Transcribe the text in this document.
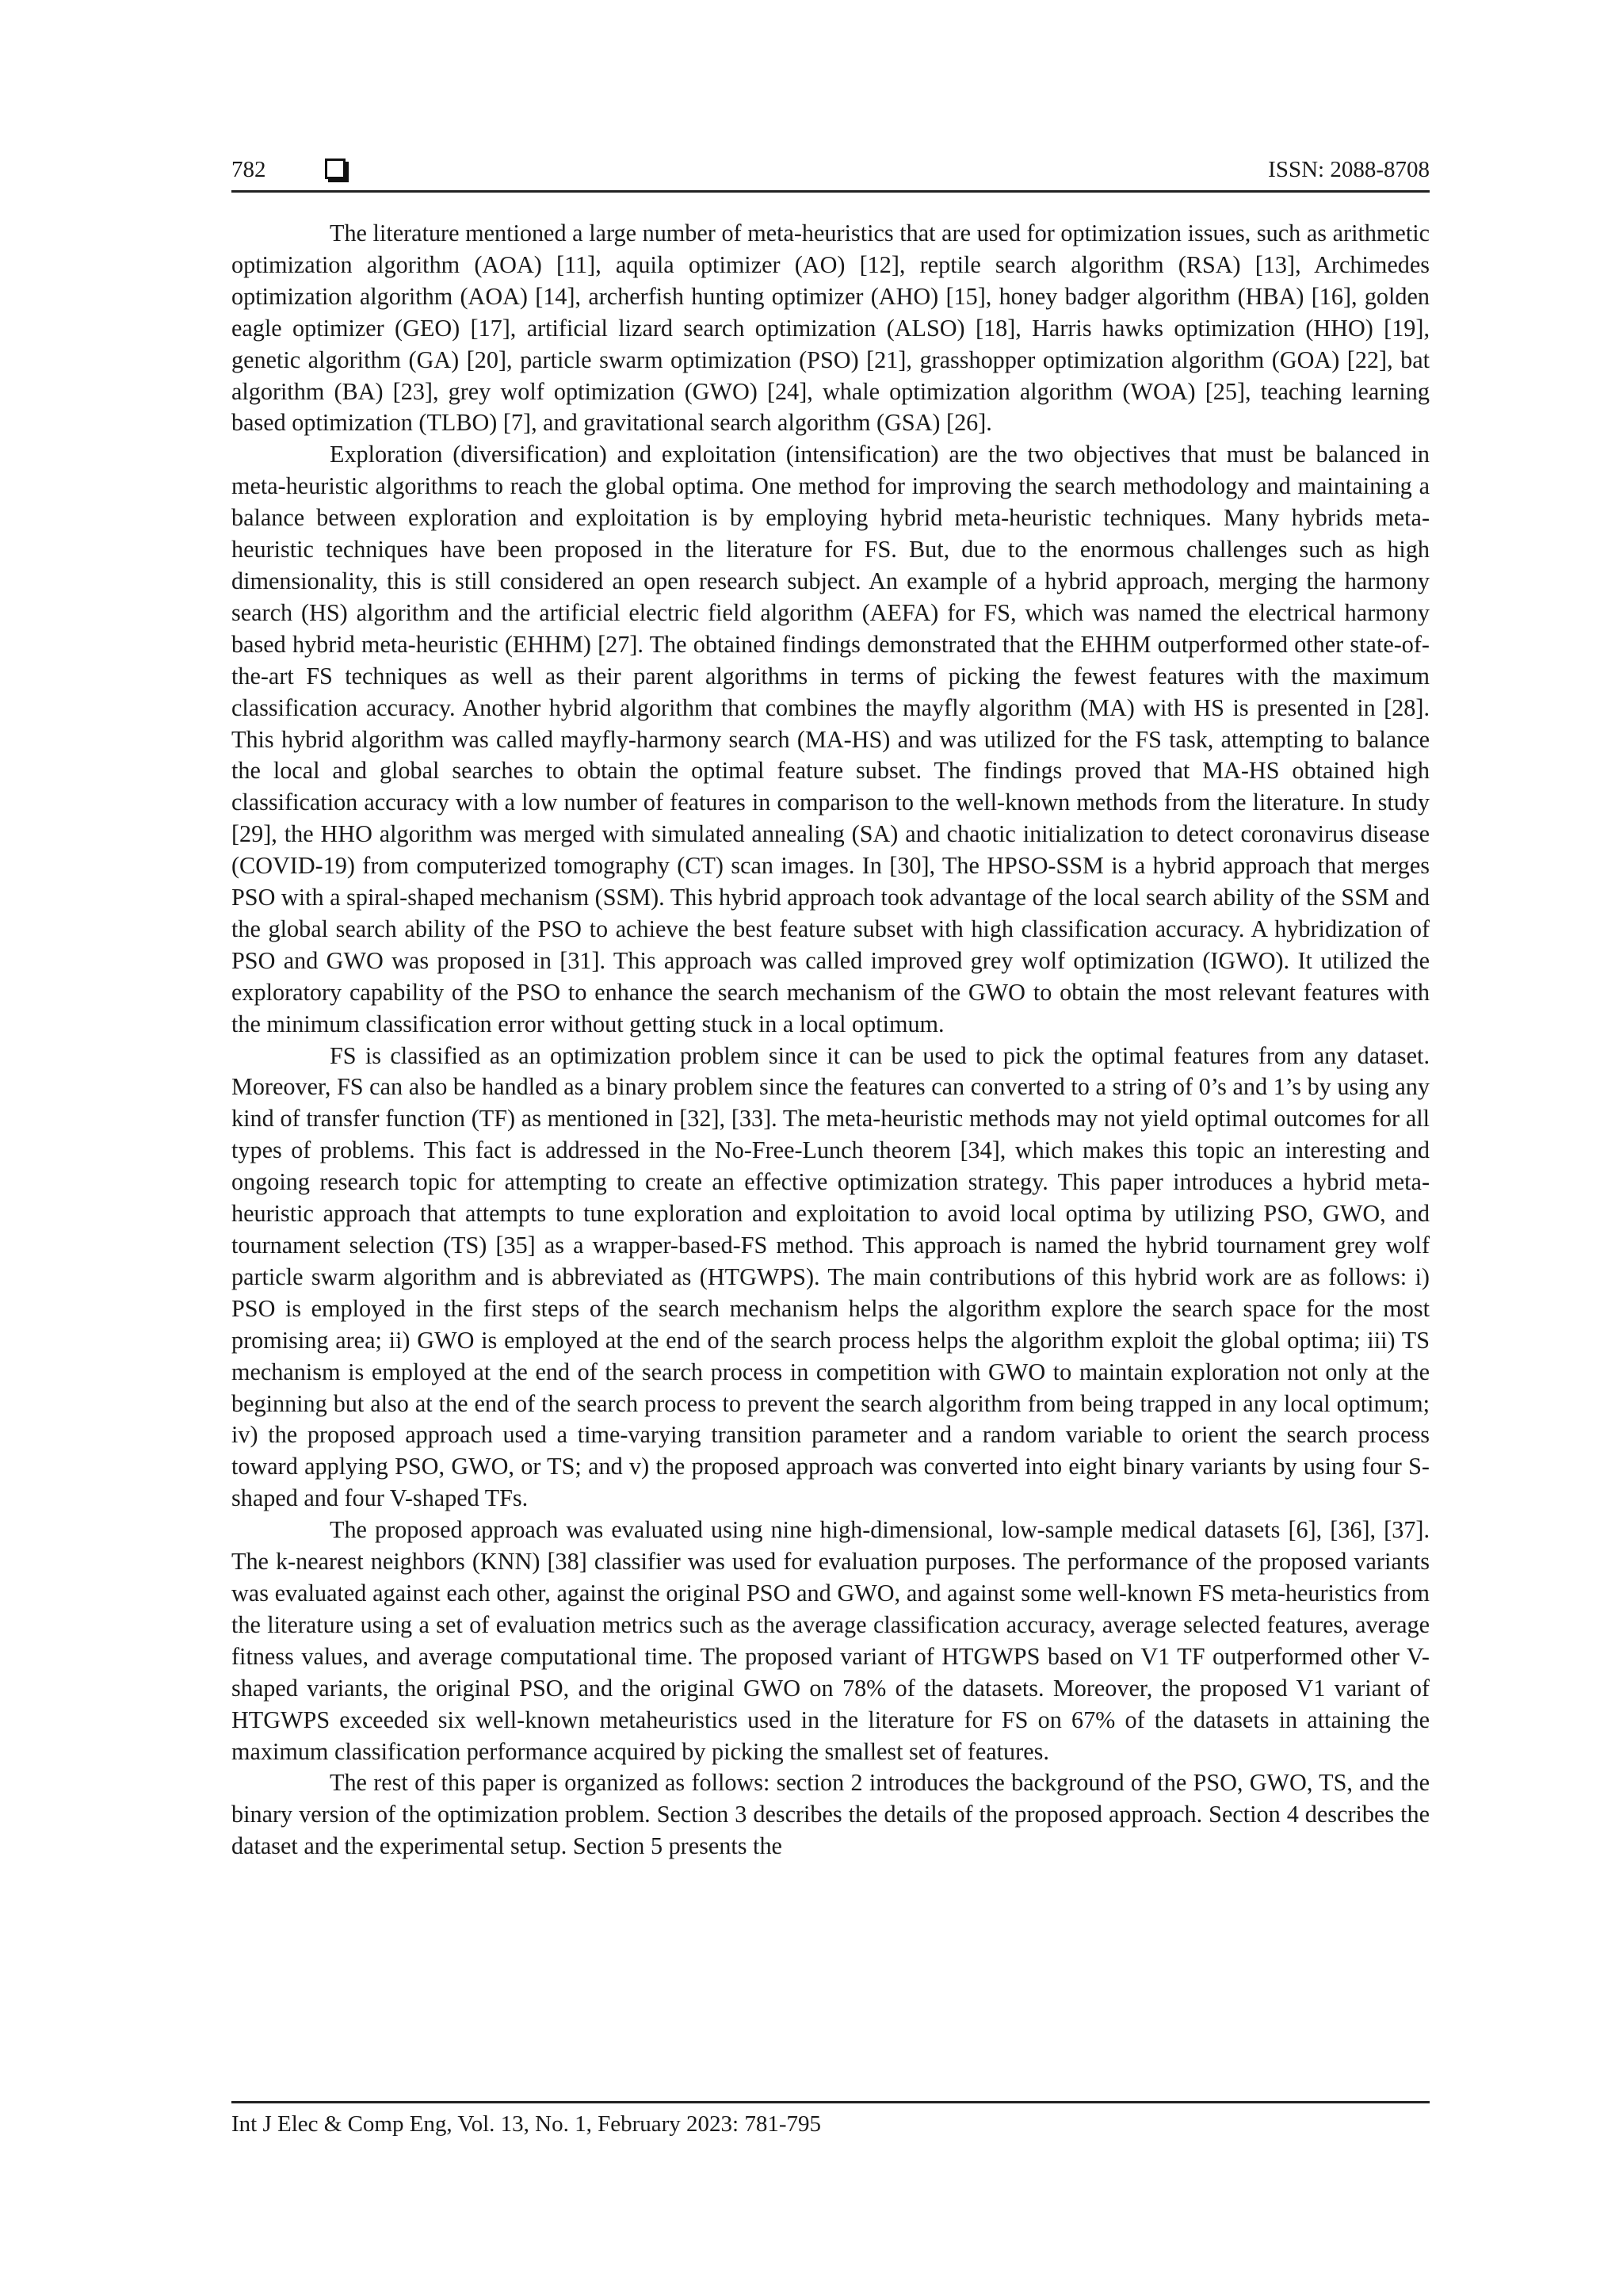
782	ISSN: 2088-8708

The literature mentioned a large number of meta-heuristics that are used for optimization issues, such as arithmetic optimization algorithm (AOA) [11], aquila optimizer (AO) [12], reptile search algorithm (RSA) [13], Archimedes optimization algorithm (AOA) [14], archerfish hunting optimizer (AHO) [15], honey badger algorithm (HBA) [16], golden eagle optimizer (GEO) [17], artificial lizard search optimization (ALSO) [18], Harris hawks optimization (HHO) [19], genetic algorithm (GA) [20], particle swarm optimization (PSO) [21], grasshopper optimization algorithm (GOA) [22], bat algorithm (BA) [23], grey wolf optimization (GWO) [24], whale optimization algorithm (WOA) [25], teaching learning based optimization (TLBO) [7], and gravitational search algorithm (GSA) [26].

Exploration (diversification) and exploitation (intensification) are the two objectives that must be balanced in meta-heuristic algorithms to reach the global optima. One method for improving the search methodology and maintaining a balance between exploration and exploitation is by employing hybrid meta-heuristic techniques. Many hybrids meta-heuristic techniques have been proposed in the literature for FS. But, due to the enormous challenges such as high dimensionality, this is still considered an open research subject. An example of a hybrid approach, merging the harmony search (HS) algorithm and the artificial electric field algorithm (AEFA) for FS, which was named the electrical harmony based hybrid meta-heuristic (EHHM) [27]. The obtained findings demonstrated that the EHHM outperformed other state-of-the-art FS techniques as well as their parent algorithms in terms of picking the fewest features with the maximum classification accuracy. Another hybrid algorithm that combines the mayfly algorithm (MA) with HS is presented in [28]. This hybrid algorithm was called mayfly-harmony search (MA-HS) and was utilized for the FS task, attempting to balance the local and global searches to obtain the optimal feature subset. The findings proved that MA-HS obtained high classification accuracy with a low number of features in comparison to the well-known methods from the literature. In study [29], the HHO algorithm was merged with simulated annealing (SA) and chaotic initialization to detect coronavirus disease (COVID-19) from computerized tomography (CT) scan images. In [30], The HPSO-SSM is a hybrid approach that merges PSO with a spiral-shaped mechanism (SSM). This hybrid approach took advantage of the local search ability of the SSM and the global search ability of the PSO to achieve the best feature subset with high classification accuracy. A hybridization of PSO and GWO was proposed in [31]. This approach was called improved grey wolf optimization (IGWO). It utilized the exploratory capability of the PSO to enhance the search mechanism of the GWO to obtain the most relevant features with the minimum classification error without getting stuck in a local optimum.

FS is classified as an optimization problem since it can be used to pick the optimal features from any dataset. Moreover, FS can also be handled as a binary problem since the features can converted to a string of 0’s and 1’s by using any kind of transfer function (TF) as mentioned in [32], [33]. The meta-heuristic methods may not yield optimal outcomes for all types of problems. This fact is addressed in the No-Free-Lunch theorem [34], which makes this topic an interesting and ongoing research topic for attempting to create an effective optimization strategy. This paper introduces a hybrid meta-heuristic approach that attempts to tune exploration and exploitation to avoid local optima by utilizing PSO, GWO, and tournament selection (TS) [35] as a wrapper-based-FS method. This approach is named the hybrid tournament grey wolf particle swarm algorithm and is abbreviated as (HTGWPS). The main contributions of this hybrid work are as follows: i) PSO is employed in the first steps of the search mechanism helps the algorithm explore the search space for the most promising area; ii) GWO is employed at the end of the search process helps the algorithm exploit the global optima; iii) TS mechanism is employed at the end of the search process in competition with GWO to maintain exploration not only at the beginning but also at the end of the search process to prevent the search algorithm from being trapped in any local optimum; iv) the proposed approach used a time-varying transition parameter and a random variable to orient the search process toward applying PSO, GWO, or TS; and v) the proposed approach was converted into eight binary variants by using four S-shaped and four V-shaped TFs.

The proposed approach was evaluated using nine high-dimensional, low-sample medical datasets [6], [36], [37]. The k-nearest neighbors (KNN) [38] classifier was used for evaluation purposes. The performance of the proposed variants was evaluated against each other, against the original PSO and GWO, and against some well-known FS meta-heuristics from the literature using a set of evaluation metrics such as the average classification accuracy, average selected features, average fitness values, and average computational time. The proposed variant of HTGWPS based on V1 TF outperformed other V-shaped variants, the original PSO, and the original GWO on 78% of the datasets. Moreover, the proposed V1 variant of HTGWPS exceeded six well-known metaheuristics used in the literature for FS on 67% of the datasets in attaining the maximum classification performance acquired by picking the smallest set of features.

The rest of this paper is organized as follows: section 2 introduces the background of the PSO, GWO, TS, and the binary version of the optimization problem. Section 3 describes the details of the proposed approach. Section 4 describes the dataset and the experimental setup. Section 5 presents the

Int J Elec & Comp Eng, Vol. 13, No. 1, February 2023: 781-795
